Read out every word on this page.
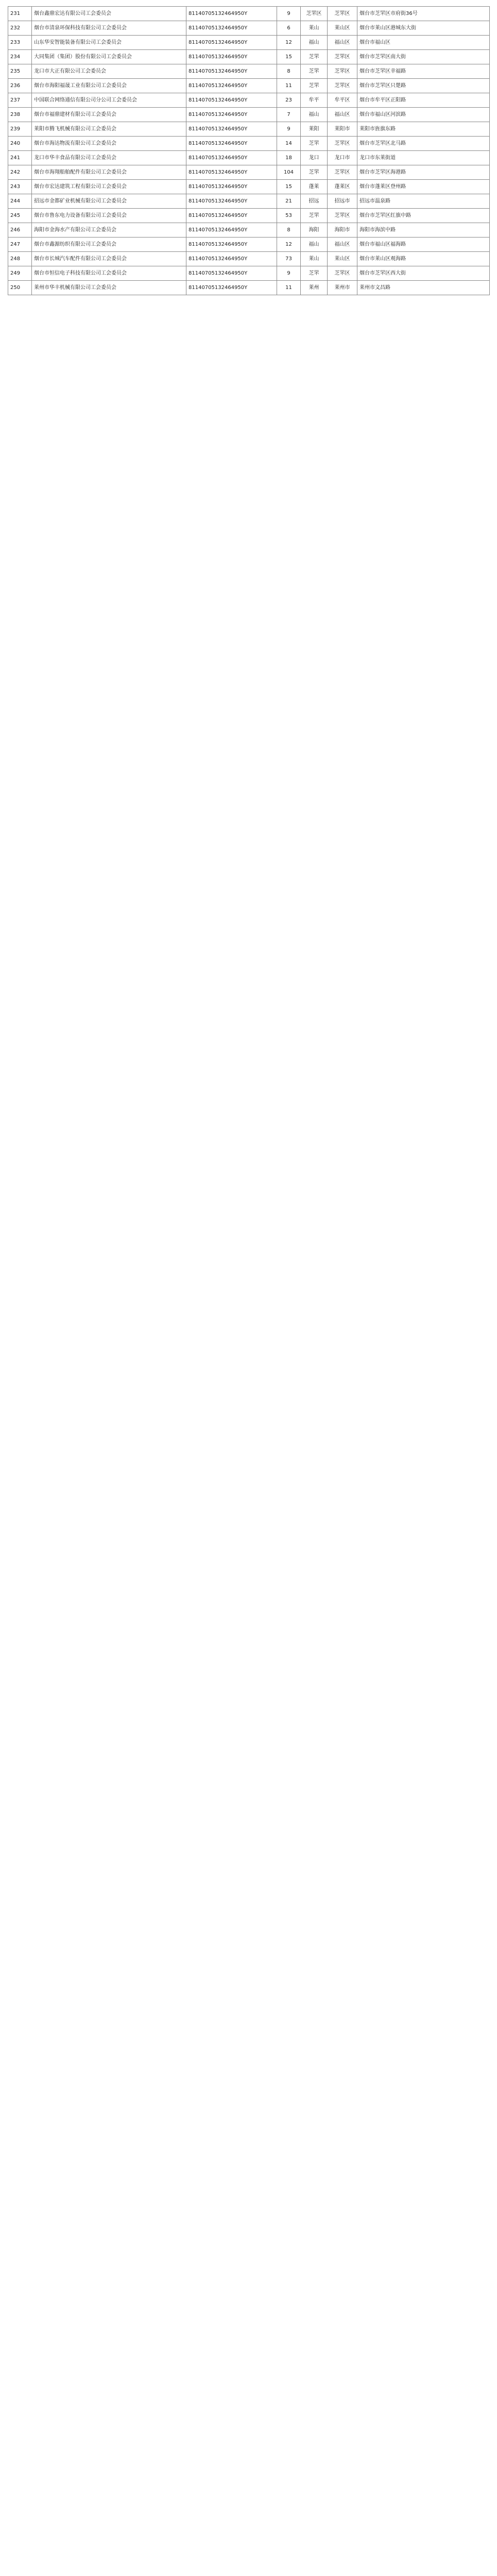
231	烟台鑫鼎宏达有限公司工会委员会	81140705132464950Y	9	芝罘区	芝罘区	烟台市芝罘区市府街36号
232	烟台市清泉环保科技有限公司工会委员会	81140705132464950Y	6	莱山	莱山区	烟台市莱山区港城东大街
233	山东华安智能装备有限公司工会委员会	81140705132464950Y	12	福山	福山区	烟台市福山区
234	大同集团（集团）股份有限公司工会委员会	81140705132464950Y	15	芝罘	芝罘区	烟台市芝罘区南大街
235	龙口市大正有限公司工会委员会	81140705132464950Y	8	芝罘	芝罘区	烟台市芝罘区幸福路
236	烟台市海阳福晟工业有限公司工会委员会	81140705132464950Y	11	芝罘	芝罘区	烟台市芝罘区只楚路
237	中国联合网络通信有限公司分公司工会委员会	81140705132464950Y	23	牟平	牟平区	烟台市牟平区正阳路
238	烟台市福鼎建材有限公司工会委员会	81140705132464950Y	7	福山	福山区	烟台市福山区河滨路
239	莱阳市腾飞机械有限公司工会委员会	81140705132464950Y	9	莱阳	莱阳市	莱阳市旌旗东路
240	烟台市海达物流有限公司工会委员会	81140705132464950Y	14	芝罘	芝罘区	烟台市芝罘区北马路
241	龙口市华丰食品有限公司工会委员会	81140705132464950Y	18	龙口	龙口市	龙口市东莱街道
242	烟台市海翔船舶配件有限公司工会委员会	81140705132464950Y	104	芝罘	芝罘区	烟台市芝罘区海港路
243	烟台市宏达建筑工程有限公司工会委员会	81140705132464950Y	15	蓬莱	蓬莱区	烟台市蓬莱区登州路
244	招远市金都矿业机械有限公司工会委员会	81140705132464950Y	21	招远	招远市	招远市温泉路
245	烟台市鲁东电力设备有限公司工会委员会	81140705132464950Y	53	芝罘	芝罘区	烟台市芝罘区红旗中路
246	海阳市金海水产有限公司工会委员会	81140705132464950Y	8	海阳	海阳市	海阳市海滨中路
247	烟台市鑫源纺织有限公司工会委员会	81140705132464950Y	12	福山	福山区	烟台市福山区福海路
248	烟台市长城汽车配件有限公司工会委员会	81140705132464950Y	73	莱山	莱山区	烟台市莱山区观海路
249	烟台市恒信电子科技有限公司工会委员会	81140705132464950Y	9	芝罘	芝罘区	烟台市芝罘区西大街
250	莱州市华丰机械有限公司工会委员会	81140705132464950Y	11	莱州	莱州市	莱州市文昌路
